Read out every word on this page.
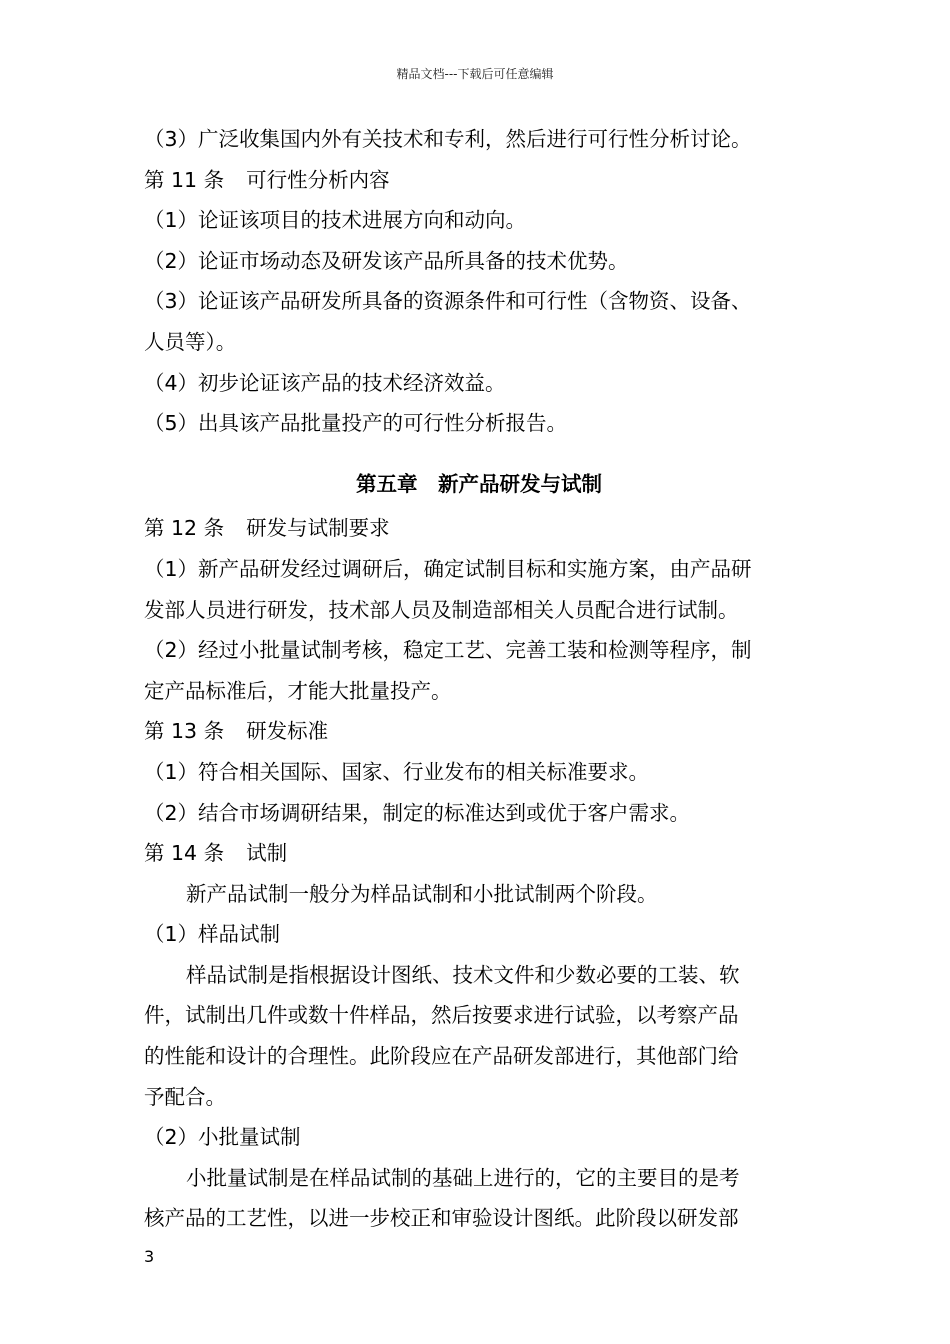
精品文档---下载后可任意编辑
（3）广泛收集国内外有关技术和专利，然后进行可行性分析讨论。
第 11 条 可行性分析内容
（1）论证该项目的技术进展方向和动向。
（2）论证市场动态及研发该产品所具备的技术优势。
（3）论证该产品研发所具备的资源条件和可行性（含物资、设备、
人员等）。
（4）初步论证该产品的技术经济效益。
（5）出具该产品批量投产的可行性分析报告。
第五章　新产品研发与试制
第 12 条 研发与试制要求
（1）新产品研发经过调研后，确定试制目标和实施方案，由产品研
发部人员进行研发，技术部人员及制造部相关人员配合进行试制。
（2）经过小批量试制考核，稳定工艺、完善工装和检测等程序，制
定产品标准后，才能大批量投产。
第 13 条 研发标准
（1）符合相关国际、国家、行业发布的相关标准要求。
（2）结合市场调研结果，制定的标准达到或优于客户需求。
第 14 条 试制
新产品试制一般分为样品试制和小批试制两个阶段。
（1）样品试制
样品试制是指根据设计图纸、技术文件和少数必要的工装、软
件，试制出几件或数十件样品，然后按要求进行试验，以考察产品
的性能和设计的合理性。此阶段应在产品研发部进行，其他部门给
予配合。
（2）小批量试制
小批量试制是在样品试制的基础上进行的，它的主要目的是考
核产品的工艺性，以进一步校正和审验设计图纸。此阶段以研发部
3
